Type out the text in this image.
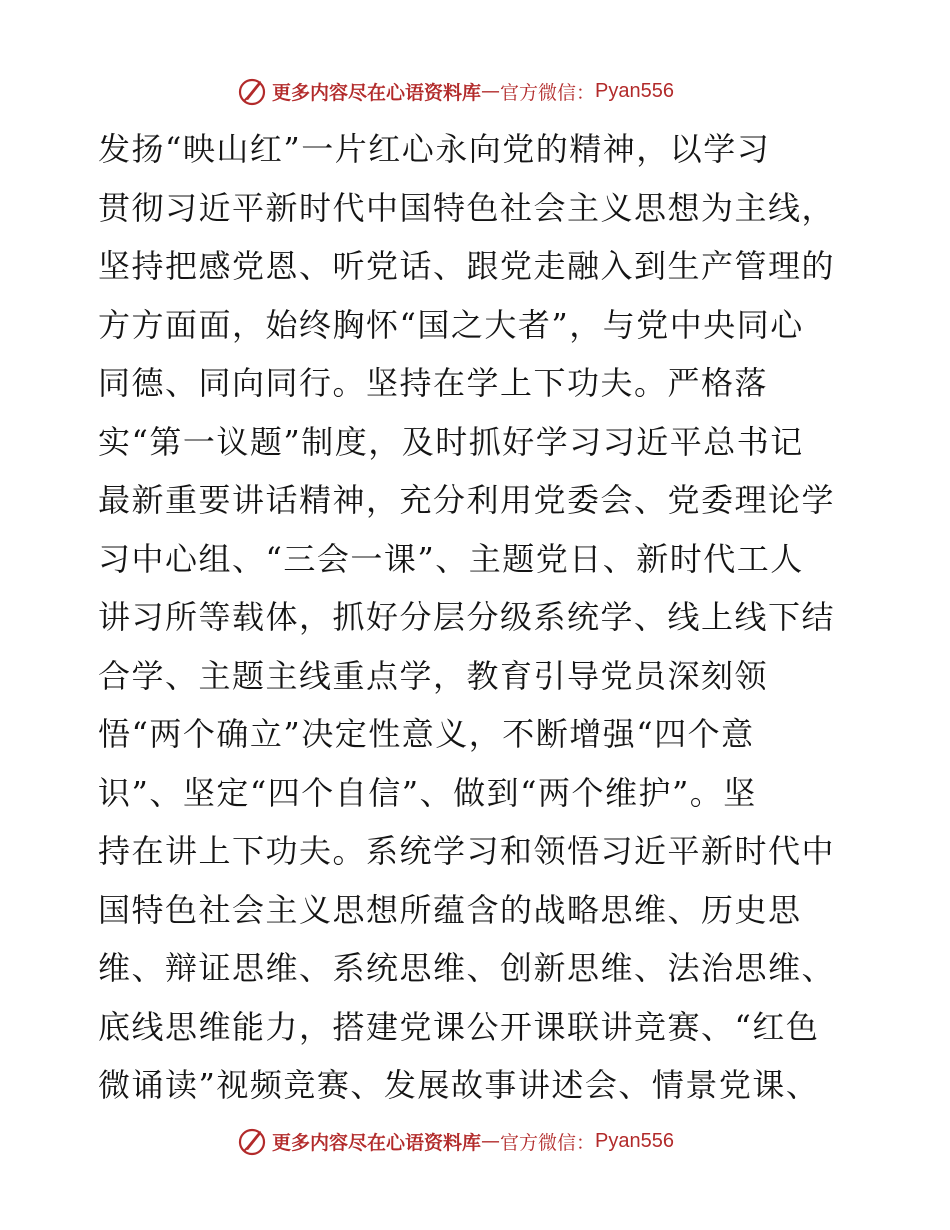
更多内容尽在心语资料库 — 官方微信： Pyan556
发扬“映山红”一片红心永向党的精神，以学习
贯彻习近平新时代中国特色社会主义思想为主线，
坚持把感党恩、听党话、跟党走融入到生产管理的
方方面面，始终胸怀“国之大者”，与党中央同心
同德、同向同行。坚持在学上下功夫。严格落
实“第一议题”制度，及时抓好学习习近平总书记
最新重要讲话精神，充分利用党委会、党委理论学
习中心组、“三会一课”、主题党日、新时代工人
讲习所等载体，抓好分层分级系统学、线上线下结
合学、主题主线重点学，教育引导党员深刻领
悟“两个确立”决定性意义，不断增强“四个意
识”、坚定“四个自信”、做到“两个维护”。坚
持在讲上下功夫。系统学习和领悟习近平新时代中
国特色社会主义思想所蕴含的战略思维、历史思
维、辩证思维、系统思维、创新思维、法治思维、
底线思维能力，搭建党课公开课联讲竞赛、“红色
微诵读”视频竞赛、发展故事讲述会、情景党课、
更多内容尽在心语资料库 — 官方微信： Pyan556
